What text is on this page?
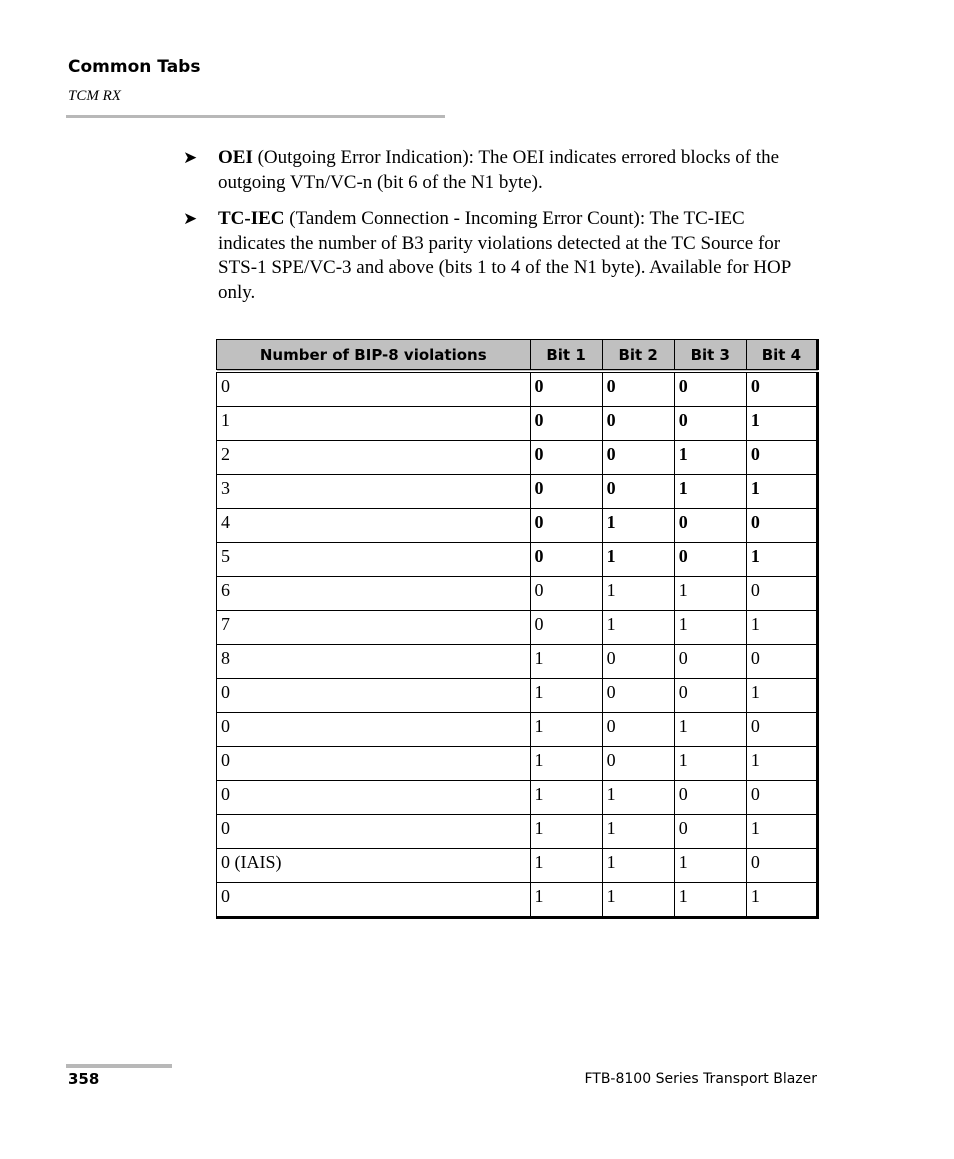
Common Tabs
TCM RX
➤ OEI (Outgoing Error Indication): The OEI indicates errored blocks of the outgoing VTn/VC-n (bit 6 of the N1 byte).
➤ TC-IEC (Tandem Connection - Incoming Error Count): The TC-IEC indicates the number of B3 parity violations detected at the TC Source for STS-1 SPE/VC-3 and above (bits 1 to 4 of the N1 byte). Available for HOP only.
Number of BIP-8 violations	Bit 1	Bit 2	Bit 3	Bit 4
0	0	0	0	0
1	0	0	0	1
2	0	0	1	0
3	0	0	1	1
4	0	1	0	0
5	0	1	0	1
6	0	1	1	0
7	0	1	1	1
8	1	0	0	0
0	1	0	0	1
0	1	0	1	0
0	1	0	1	1
0	1	1	0	0
0	1	1	0	1
0 (IAIS)	1	1	1	0
0	1	1	1	1
358	FTB-8100 Series Transport Blazer
